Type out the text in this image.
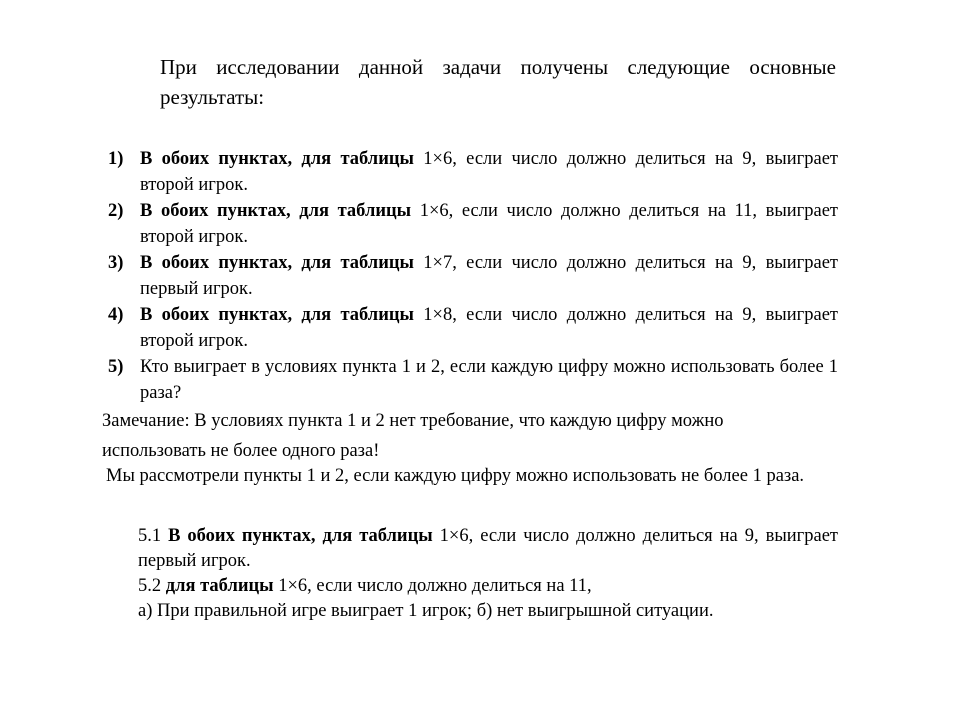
При исследовании данной задачи получены следующие основные результаты:
1) В обоих пунктах, для таблицы 1×6, если число должно делиться на 9, выиграет второй игрок.
2) В обоих пунктах, для таблицы 1×6, если число должно делиться на 11, выиграет второй игрок.
3) В обоих пунктах, для таблицы 1×7, если число должно делиться на 9, выиграет первый игрок.
4) В обоих пунктах, для таблицы 1×8, если число должно делиться на 9, выиграет второй игрок.
5) Кто выиграет в условиях пункта 1 и 2, если каждую цифру можно использовать более 1 раза?
Замечание: В условиях пункта 1 и 2 нет требование, что каждую цифру можно использовать не более одного раза!
Мы рассмотрели пункты 1 и 2, если каждую цифру можно использовать не более 1 раза.

5.1 В обоих пунктах, для таблицы 1×6, если число должно делиться на 9, выиграет первый игрок.

5.2 для таблицы 1×6, если число должно делиться на 11,

а) При правильной игре выиграет 1 игрок; б) нет выигрышной ситуации.
